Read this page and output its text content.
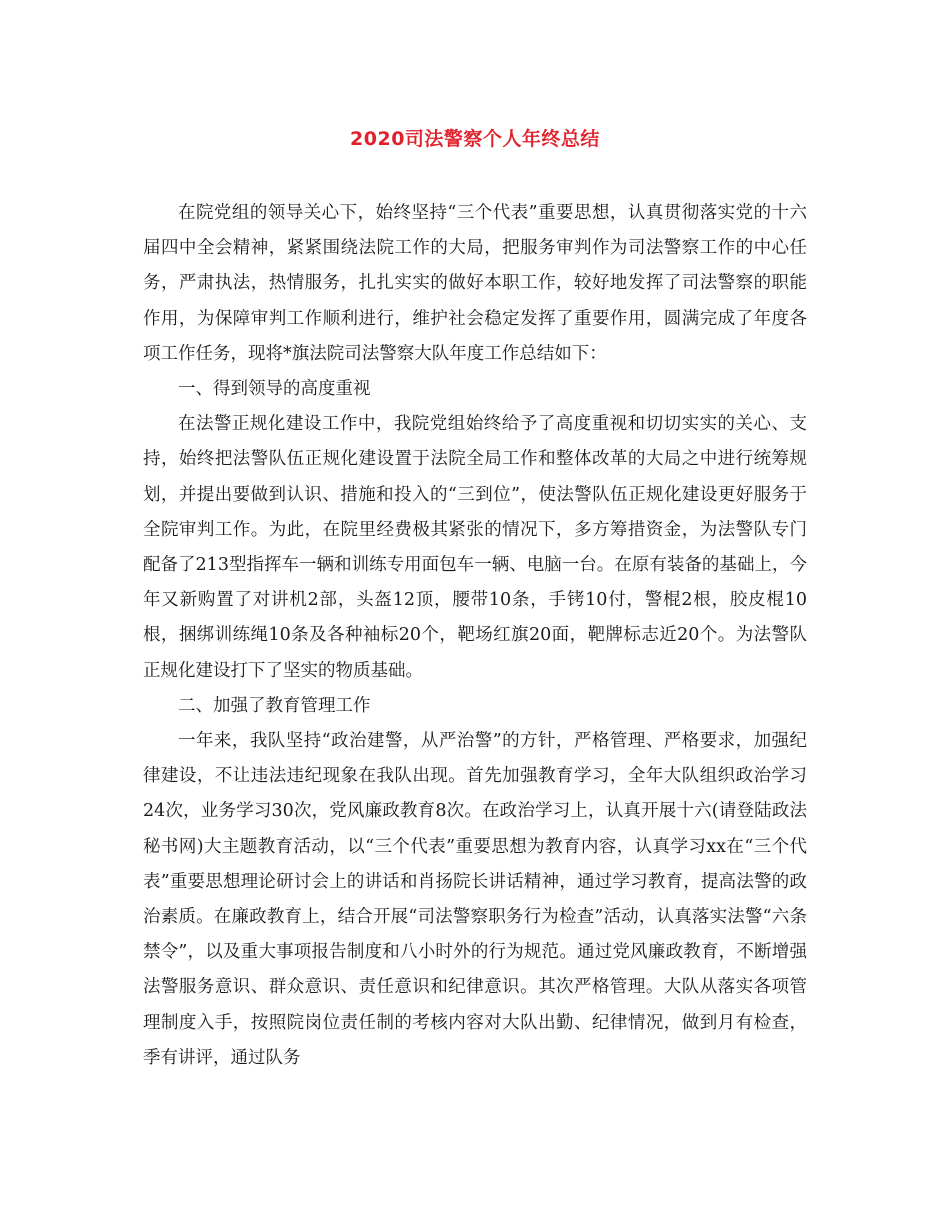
2020司法警察个人年终总结

在院党组的领导关心下，始终坚持“三个代表”重要思想，认真贯彻落实党的十六届四中全会精神，紧紧围绕法院工作的大局，把服务审判作为司法警察工作的中心任务，严肃执法，热情服务，扎扎实实的做好本职工作，较好地发挥了司法警察的职能作用，为保障审判工作顺利进行，维护社会稳定发挥了重要作用，圆满完成了年度各项工作任务，现将*旗法院司法警察大队年度工作总结如下：

一、得到领导的高度重视

在法警正规化建设工作中，我院党组始终给予了高度重视和切切实实的关心、支持，始终把法警队伍正规化建设置于法院全局工作和整体改革的大局之中进行统筹规划，并提出要做到认识、措施和投入的“三到位”，使法警队伍正规化建设更好服务于全院审判工作。为此，在院里经费极其紧张的情况下，多方筹措资金，为法警队专门配备了213型指挥车一辆和训练专用面包车一辆、电脑一台。在原有装备的基础上，今年又新购置了对讲机2部，头盔12顶，腰带10条，手铐10付，警棍2根，胶皮棍10根，捆绑训练绳10条及各种袖标20个，靶场红旗20面，靶牌标志近20个。为法警队正规化建设打下了坚实的物质基础。

二、加强了教育管理工作

一年来，我队坚持“政治建警，从严治警”的方针，严格管理、严格要求，加强纪律建设，不让违法违纪现象在我队出现。首先加强教育学习，全年大队组织政治学习24次，业务学习30次，党风廉政教育8次。在政治学习上，认真开展十六(请登陆政法秘书网)大主题教育活动，以“三个代表”重要思想为教育内容，认真学习xx在“三个代表”重要思想理论研讨会上的讲话和肖扬院长讲话精神，通过学习教育，提高法警的政治素质。在廉政教育上，结合开展“司法警察职务行为检查”活动，认真落实法警“六条禁令”，以及重大事项报告制度和八小时外的行为规范。通过党风廉政教育，不断增强法警服务意识、群众意识、责任意识和纪律意识。其次严格管理。大队从落实各项管理制度入手，按照院岗位责任制的考核内容对大队出勤、纪律情况，做到月有检查，季有讲评，通过队务
